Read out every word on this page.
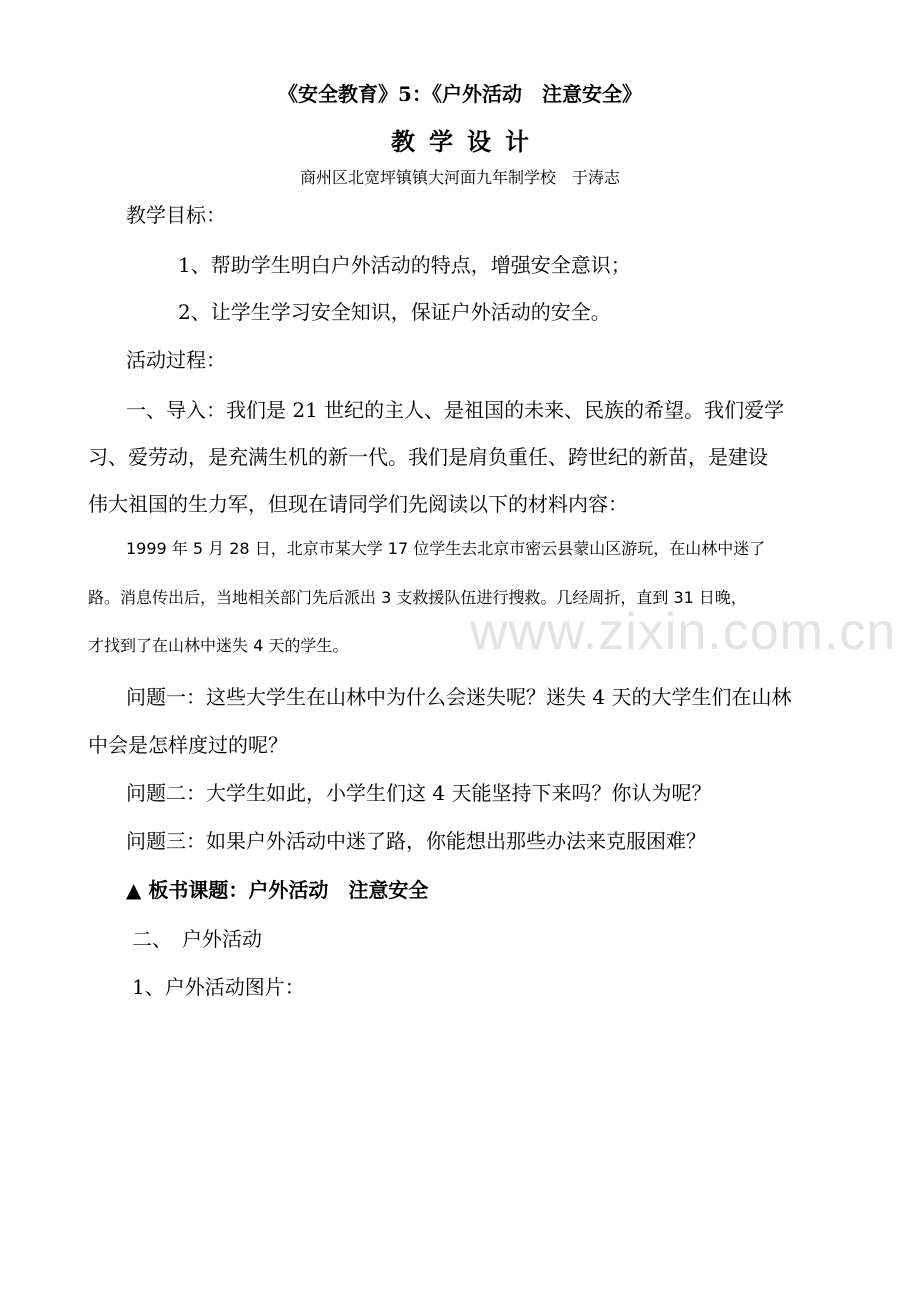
《安全教育》5：《户外活动　注意安全》
教学设计
商州区北宽坪镇镇大河面九年制学校　于涛志
教学目标：
1、帮助学生明白户外活动的特点，增强安全意识；
2、让学生学习安全知识，保证户外活动的安全。
活动过程：
一、导入：我们是 21 世纪的主人、是祖国的未来、民族的希望。我们爱学
习、爱劳动，是充满生机的新一代。我们是肩负重任、跨世纪的新苗，是建设
伟大祖国的生力军，但现在请同学们先阅读以下的材料内容：
1999 年 5 月 28 日，北京市某大学 17 位学生去北京市密云县蒙山区游玩，在山林中迷了
路。消息传出后，当地相关部门先后派出 3 支救援队伍进行搜救。几经周折，直到 31 日晚，
才找到了在山林中迷失 4 天的学生。 www.zixin.com.cn
问题一：这些大学生在山林中为什么会迷失呢？迷失 4 天的大学生们在山林
中会是怎样度过的呢？
问题二：大学生如此，小学生们这 4 天能坚持下来吗？你认为呢？
问题三：如果户外活动中迷了路，你能想出那些办法来克服困难？
▲ 板书课题：户外活动　注意安全
二、　户外活动
1、户外活动图片：
